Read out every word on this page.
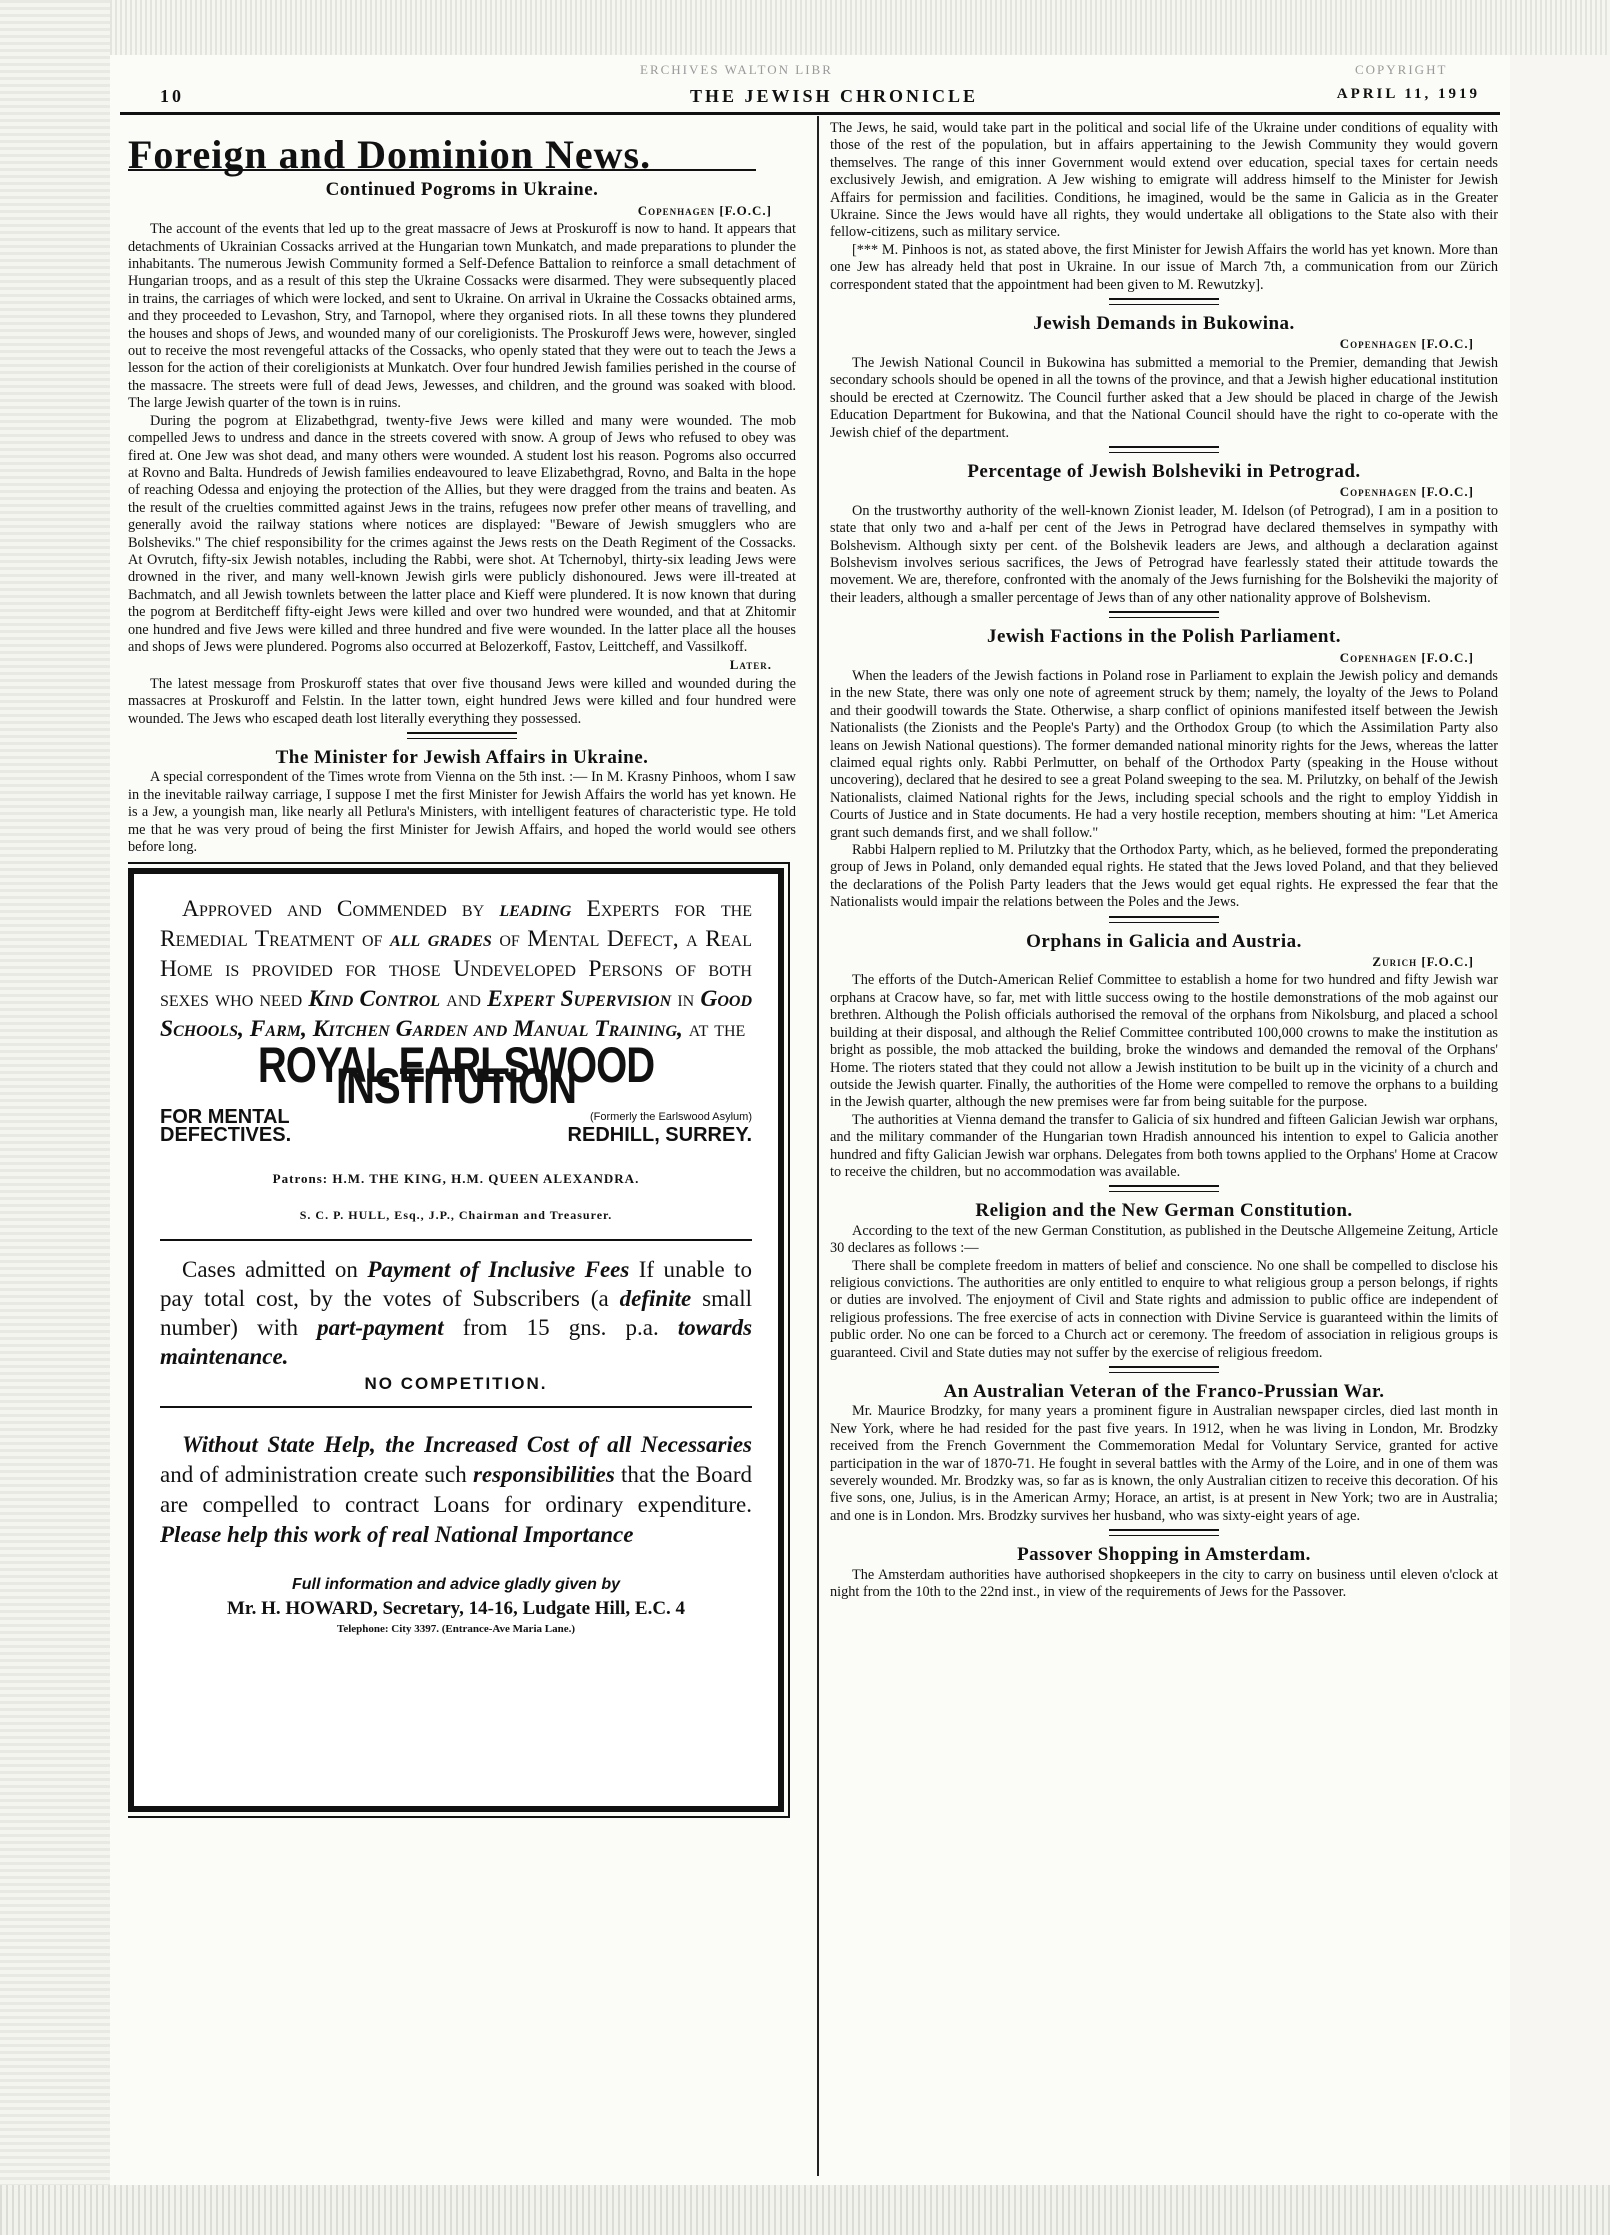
ERCHIVES WALTON LIBR	COPYRIGHT
10	THE JEWISH CHRONICLE	APRIL 11, 1919
Foreign and Dominion News.
Continued Pogroms in Ukraine.
Copenhagen [F.O.C.]

The account of the events that led up to the great massacre of Jews at Proskuroff is now to hand. It appears that detachments of Ukrainian Cossacks arrived at the Hungarian town Munkatch, and made preparations to plunder the inhabitants. The numerous Jewish Community formed a Self-Defence Battalion to reinforce a small detachment of Hungarian troops, and as a result of this step the Ukraine Cossacks were disarmed. They were subsequently placed in trains, the carriages of which were locked, and sent to Ukraine. On arrival in Ukraine the Cossacks obtained arms, and they proceeded to Levashon, Stry, and Tarnopol, where they organised riots. In all these towns they plundered the houses and shops of Jews, and wounded many of our coreligionists. The Proskuroff Jews were, however, singled out to receive the most revengeful attacks of the Cossacks, who openly stated that they were out to teach the Jews a lesson for the action of their coreligionists at Munkatch. Over four hundred Jewish families perished in the course of the massacre. The streets were full of dead Jews, Jewesses, and children, and the ground was soaked with blood. The large Jewish quarter of the town is in ruins.

During the pogrom at Elizabethgrad, twenty-five Jews were killed and many were wounded. The mob compelled Jews to undress and dance in the streets covered with snow. A group of Jews who refused to obey was fired at. One Jew was shot dead, and many others were wounded. A student lost his reason. Pogroms also occurred at Rovno and Balta. Hundreds of Jewish families endeavoured to leave Elizabethgrad, Rovno, and Balta in the hope of reaching Odessa and enjoying the protection of the Allies, but they were dragged from the trains and beaten. As the result of the cruelties committed against Jews in the trains, refugees now prefer other means of travelling, and generally avoid the railway stations where notices are displayed: "Beware of Jewish smugglers who are Bolsheviks." The chief responsibility for the crimes against the Jews rests on the Death Regiment of the Cossacks. At Ovrutch, fifty-six Jewish notables, including the Rabbi, were shot. At Tchernobyl, thirty-six leading Jews were drowned in the river, and many well-known Jewish girls were publicly dishonoured. Jews were ill-treated at Bachmatch, and all Jewish townlets between the latter place and Kieff were plundered. It is now known that during the pogrom at Berditcheff fifty-eight Jews were killed and over two hundred were wounded, and that at Zhitomir one hundred and five Jews were killed and three hundred and five were wounded. In the latter place all the houses and shops of Jews were plundered. Pogroms also occurred at Belozerkoff, Fastov, Leittcheff, and Vassilkoff.

Later.

The latest message from Proskuroff states that over five thousand Jews were killed and wounded during the massacres at Proskuroff and Felstin. In the latter town, eight hundred Jews were killed and four hundred were wounded. The Jews who escaped death lost literally everything they possessed.

The Minister for Jewish Affairs in Ukraine.

A special correspondent of the Times wrote from Vienna on the 5th inst. :— In M. Krasny Pinhoos, whom I saw in the inevitable railway carriage, I suppose I met the first Minister for Jewish Affairs the world has yet known. He is a Jew, a youngish man, like nearly all Petlura's Ministers, with intelligent features of characteristic type. He told me that he was very proud of being the first Minister for Jewish Affairs, and hoped the world would see others before long.

Approved and Commended by leading Experts for the Remedial Treatment of all grades of Mental Defect, a Real Home is provided for those Undeveloped Persons of both sexes who need Kind Control and Expert Supervision in Good Schools, Farm, Kitchen Garden and Manual Training, at the

ROYAL EARLSWOOD INSTITUTION
FOR MENTAL
DEFECTIVES.
(Formerly the Earlswood Asylum)
REDHILL, SURREY.
Patrons: H.M. THE KING, H.M. QUEEN ALEXANDRA.
S. C. P. HULL, Esq., J.P., Chairman and Treasurer.

Cases admitted on Payment of Inclusive Fees If unable to pay total cost, by the votes of Subscribers (a definite small number) with part-payment from 15 gns. p.a. towards maintenance.

NO COMPETITION.

Without State Help, the Increased Cost of all Necessaries and of administration create such responsibilities that the Board are compelled to contract Loans for ordinary expenditure. Please help this work of real National Importance

Full information and advice gladly given by
Mr. H. HOWARD, Secretary, 14-16, Ludgate Hill, E.C. 4
Telephone: City 3397. (Entrance-Ave Maria Lane.)

The Jews, he said, would take part in the political and social life of the Ukraine under conditions of equality with those of the rest of the population, but in affairs appertaining to the Jewish Community they would govern themselves. The range of this inner Government would extend over education, special taxes for certain needs exclusively Jewish, and emigration. A Jew wishing to emigrate will address himself to the Minister for Jewish Affairs for permission and facilities. Conditions, he imagined, would be the same in Galicia as in the Greater Ukraine. Since the Jews would have all rights, they would undertake all obligations to the State also with their fellow-citizens, such as military service.

[*** M. Pinhoos is not, as stated above, the first Minister for Jewish Affairs the world has yet known. More than one Jew has already held that post in Ukraine. In our issue of March 7th, a communication from our Zürich correspondent stated that the appointment had been given to M. Rewutzky].

Jewish Demands in Bukowina.
Copenhagen [F.O.C.]

The Jewish National Council in Bukowina has submitted a memorial to the Premier, demanding that Jewish secondary schools should be opened in all the towns of the province, and that a Jewish higher educational institution should be erected at Czernowitz. The Council further asked that a Jew should be placed in charge of the Jewish Education Department for Bukowina, and that the National Council should have the right to co-operate with the Jewish chief of the department.

Percentage of Jewish Bolsheviki in Petrograd.
Copenhagen [F.O.C.]

On the trustworthy authority of the well-known Zionist leader, M. Idelson (of Petrograd), I am in a position to state that only two and a-half per cent of the Jews in Petrograd have declared themselves in sympathy with Bolshevism. Although sixty per cent. of the Bolshevik leaders are Jews, and although a declaration against Bolshevism involves serious sacrifices, the Jews of Petrograd have fearlessly stated their attitude towards the movement. We are, therefore, confronted with the anomaly of the Jews furnishing for the Bolsheviki the majority of their leaders, although a smaller percentage of Jews than of any other nationality approve of Bolshevism.

Jewish Factions in the Polish Parliament.
Copenhagen [F.O.C.]

When the leaders of the Jewish factions in Poland rose in Parliament to explain the Jewish policy and demands in the new State, there was only one note of agreement struck by them; namely, the loyalty of the Jews to Poland and their goodwill towards the State. Otherwise, a sharp conflict of opinions manifested itself between the Jewish Nationalists (the Zionists and the People's Party) and the Orthodox Group (to which the Assimilation Party also leans on Jewish National questions). The former demanded national minority rights for the Jews, whereas the latter claimed equal rights only. Rabbi Perlmutter, on behalf of the Orthodox Party (speaking in the House without uncovering), declared that he desired to see a great Poland sweeping to the sea. M. Prilutzky, on behalf of the Jewish Nationalists, claimed National rights for the Jews, including special schools and the right to employ Yiddish in Courts of Justice and in State documents. He had a very hostile reception, members shouting at him: "Let America grant such demands first, and we shall follow."

Rabbi Halpern replied to M. Prilutzky that the Orthodox Party, which, as he believed, formed the preponderating group of Jews in Poland, only demanded equal rights. He stated that the Jews loved Poland, and that they believed the declarations of the Polish Party leaders that the Jews would get equal rights. He expressed the fear that the Nationalists would impair the relations between the Poles and the Jews.

Orphans in Galicia and Austria.
Zurich [F.O.C.]

The efforts of the Dutch-American Relief Committee to establish a home for two hundred and fifty Jewish war orphans at Cracow have, so far, met with little success owing to the hostile demonstrations of the mob against our brethren. Although the Polish officials authorised the removal of the orphans from Nikolsburg, and placed a school building at their disposal, and although the Relief Committee contributed 100,000 crowns to make the institution as bright as possible, the mob attacked the building, broke the windows and demanded the removal of the Orphans' Home. The rioters stated that they could not allow a Jewish institution to be built up in the vicinity of a church and outside the Jewish quarter. Finally, the authorities of the Home were compelled to remove the orphans to a building in the Jewish quarter, although the new premises were far from being suitable for the purpose.

The authorities at Vienna demand the transfer to Galicia of six hundred and fifteen Galician Jewish war orphans, and the military commander of the Hungarian town Hradish announced his intention to expel to Galicia another hundred and fifty Galician Jewish war orphans. Delegates from both towns applied to the Orphans' Home at Cracow to receive the children, but no accommodation was available.

Religion and the New German Constitution.

According to the text of the new German Constitution, as published in the Deutsche Allgemeine Zeitung, Article 30 declares as follows :—

There shall be complete freedom in matters of belief and conscience. No one shall be compelled to disclose his religious convictions. The authorities are only entitled to enquire to what religious group a person belongs, if rights or duties are involved. The enjoyment of Civil and State rights and admission to public office are independent of religious professions. The free exercise of acts in connection with Divine Service is guaranteed within the limits of public order. No one can be forced to a Church act or ceremony. The freedom of association in religious groups is guaranteed. Civil and State duties may not suffer by the exercise of religious freedom.

An Australian Veteran of the Franco-Prussian War.

Mr. Maurice Brodzky, for many years a prominent figure in Australian newspaper circles, died last month in New York, where he had resided for the past five years. In 1912, when he was living in London, Mr. Brodzky received from the French Government the Commemoration Medal for Voluntary Service, granted for active participation in the war of 1870-71. He fought in several battles with the Army of the Loire, and in one of them was severely wounded. Mr. Brodzky was, so far as is known, the only Australian citizen to receive this decoration. Of his five sons, one, Julius, is in the American Army; Horace, an artist, is at present in New York; two are in Australia; and one is in London. Mrs. Brodzky survives her husband, who was sixty-eight years of age.

Passover Shopping in Amsterdam.

The Amsterdam authorities have authorised shopkeepers in the city to carry on business until eleven o'clock at night from the 10th to the 22nd inst., in view of the requirements of Jews for the Passover.
